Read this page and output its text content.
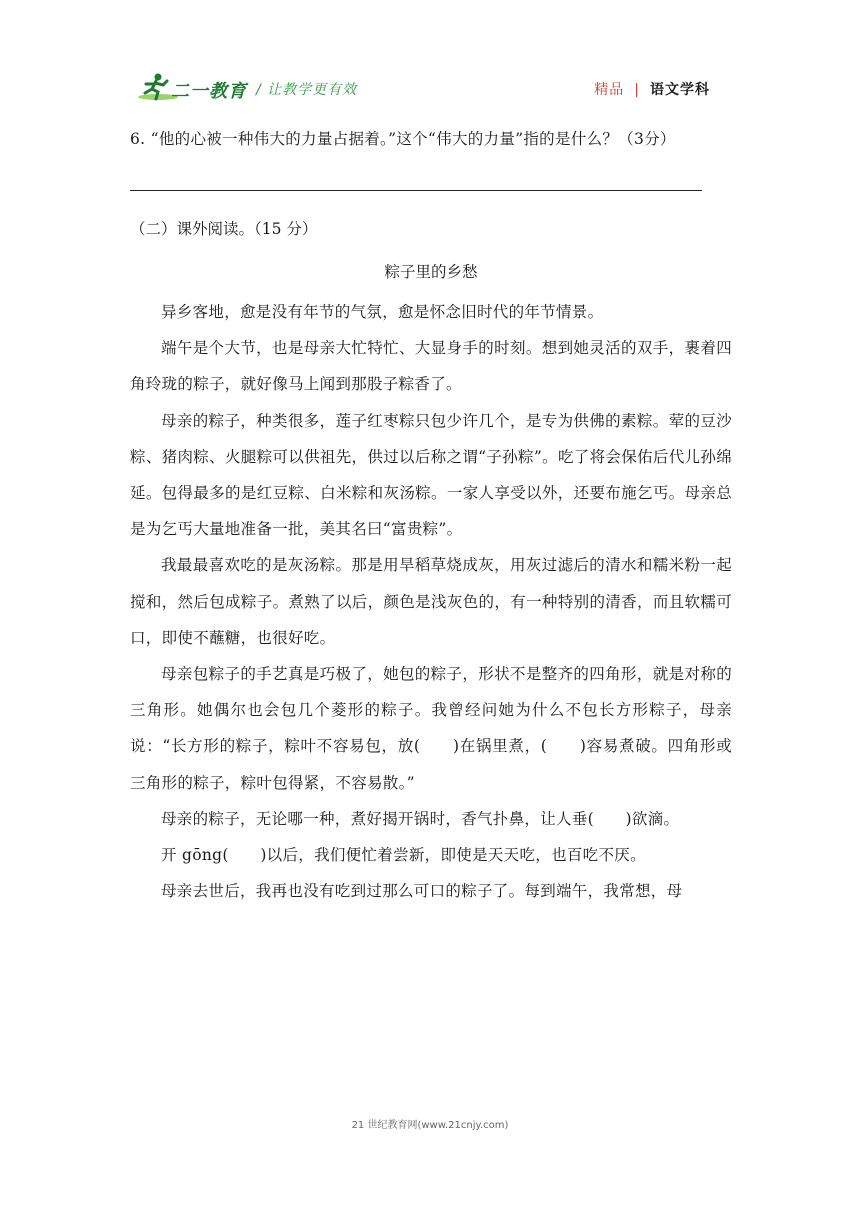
二一教育 / 让教学更有效	精品 | 语文学科

6. “他的心被一种伟大的力量占据着。”这个“伟大的力量”指的是什么？（3分）

（二）课外阅读。（15 分）

粽子里的乡愁

异乡客地，愈是没有年节的气氛，愈是怀念旧时代的年节情景。

端午是个大节，也是母亲大忙特忙、大显身手的时刻。想到她灵活的双手，裹着四角玲珑的粽子，就好像马上闻到那股子粽香了。

母亲的粽子，种类很多，莲子红枣粽只包少许几个，是专为供佛的素粽。荤的豆沙粽、猪肉粽、火腿粽可以供祖先，供过以后称之谓“子孙粽”。吃了将会保佑后代儿孙绵延。包得最多的是红豆粽、白米粽和灰汤粽。一家人享受以外，还要布施乞丐。母亲总是为乞丐大量地准备一批，美其名曰“富贵粽”。

我最最喜欢吃的是灰汤粽。那是用旱稻草烧成灰，用灰过滤后的清水和糯米粉一起搅和，然后包成粽子。煮熟了以后，颜色是浅灰色的，有一种特别的清香，而且软糯可口，即使不蘸糖，也很好吃。

母亲包粽子的手艺真是巧极了，她包的粽子，形状不是整齐的四角形，就是对称的三角形。她偶尔也会包几个菱形的粽子。我曾经问她为什么不包长方形粽子，母亲说：“长方形的粽子，粽叶不容易包，放(　　)在锅里煮，(　　)容易煮破。四角形或三角形的粽子，粽叶包得紧，不容易散。”

母亲的粽子，无论哪一种，煮好揭开锅时，香气扑鼻，让人垂(　　)欲滴。

开 gōng(　　)以后，我们便忙着尝新，即使是天天吃，也百吃不厌。

母亲去世后，我再也没有吃到过那么可口的粽子了。每到端午，我常想，母

21 世纪教育网(www.21cnjy.com)
